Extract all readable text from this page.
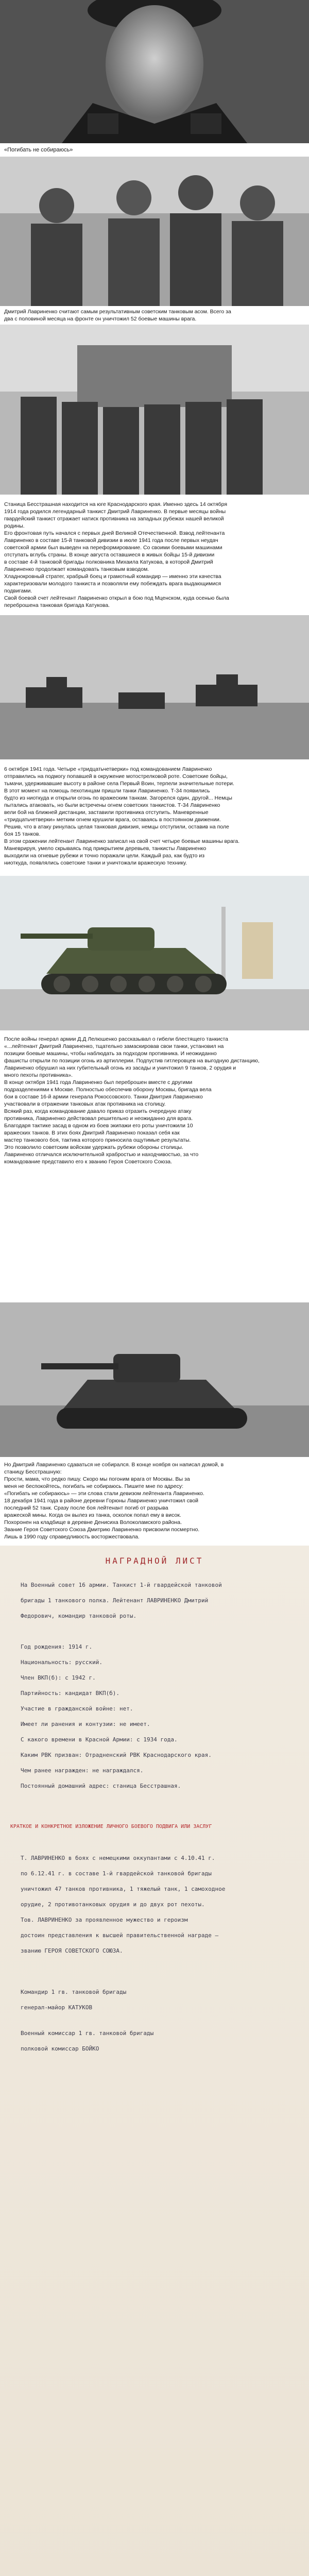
«Погибать не собираюсь»

Дмитрий Лавриненко считают самым результативным советским танковым асом. Всего за

два с половиной месяца на фронте он уничтожил 52 боевые машины врага.

Станица Бесстрашная находится на юге Краснодарского края. Именно здесь 14 октября

1914 года родился легендарный танкист Дмитрий Лавриненко. В первые месяцы войны

гвардейский танкист отражает натиск противника на западных рубежах нашей великой

родины.

Его фронтовая путь начался с первых дней Великой Отечественной. Взвод лейтенанта

Лавриненко в составе 15-й танковой дивизии в июле 1941 года после первых неудач

советской армии был выведен на переформирование. Со своими боевыми машинами

отступать вглубь страны. В конце августа оставшиеся в живых бойцы 15-й дивизии

в составе 4-й танковой бригады полковника Михаила Катукова, в которой Дмитрий

Лавриненко продолжает командовать танковым взводом.

Хладнокровный стратег, храбрый боец и грамотный командир — именно эти качества

характеризовали молодого танкиста и позволяли ему побеждать врага выдающимися

подвигами.

Свой боевой счет лейтенант Лавриненко открыл в бою под Мценском, куда осенью была

переброшена танковая бригада Катукова.

6 октября 1941 года. Четыре «тридцатьчетверки» под командованием Лавриненко

отправились на подмогу попавшей в окружение мотострелковой роте. Советские бойцы,

тьмачи, удерживавшие высоту в районе села Первый Воин, терпели значительные потери.

В этот момент на помощь пехотинцам пришли танки Лавриненко. Т-34 появились

будто из ниоткуда и открыли огонь по вражеским танкам. Загорелся один, другой... Немцы

пытались атаковать, но были встречены огнем советских танкистов. Т-34 Лавриненко

вели бой на ближней дистанции, заставили противника отступить. Маневренные

«тридцатьчетверки» метким огнем крушили врага, оставаясь в постоянном движении.

Решив, что в атаку ринулась целая танковая дивизия, немцы отступили, оставив на поле

боя 15 танков.

В этом сражении лейтенант Лавриненко записал на свой счет четыре боевые машины врага.

Маневрируя, умело скрываясь под прикрытием деревьев, танкисты Лавриненко

выходили на огневые рубежи и точно поражали цели. Каждый раз, как будто из

ниоткуда, появлялись советские танки и уничтожали вражескую технику.

После войны генерал армии Д.Д Лелюшенко рассказывал о гибели блестящего танкиста

«...лейтенант Дмитрий Лавриненко, тщательно замаскировав свои танки, установил на

позиции боевые машины, чтобы наблюдать за подходом противника. И неожиданно

фашисты открыли по позиции огонь из артиллерии. Подпустив гитлеровцев на выгодную дистанцию,

Лавриненко обрушил на них губительный огонь из засады и уничтожил 9 танков, 2 орудия и

много пехоты противника».

В конце октября 1941 года Лавриненко был переброшен вместе с другими

подразделениями к Москве. Полностью обеспечив оборону Москвы, бригада вела

бои в составе 16-й армии генерала Рокоссовского. Танки Дмитрия Лавриненко

участвовали в отражении танковых атак противника на столицу.

Всякий раз, когда командование давало приказ отразить очередную атаку

противника, Лавриненко действовал решительно и неожиданно для врага.

Благодаря тактике засад в одном из боев экипажи его роты уничтожили 10

вражеских танков. В этих боях Дмитрий Лавриненко показал себя как

мастер танкового боя, тактика которого приносила ощутимые результаты.

Это позволило советским войскам удержать рубежи обороны столицы.

Лавриненко отличался исключительной храбростью и находчивостью, за что

командование представило его к званию Героя Советского Союза.

Но Дмитрий Лавриненко сдаваться не собирался. В конце ноября он написал домой, в

станицу Бесстрашную:

Прости, мама, что редко пишу. Скоро мы погоним врага от Москвы. Вы за

меня не беспокойтесь, погибать не собираюсь. Пишите мне по адресу:

«Погибать не собираюсь» — эти слова стали девизом лейтенанта Лавриненко.

18 декабря 1941 года в районе деревни Горюны Лавриненко уничтожил свой

последний 52 танк. Сразу после боя лейтенант погиб от разрыва

вражеской мины. Когда он вылез из танка, осколок попал ему в висок.

Похоронен на кладбище в деревне Денисиха Волоколамского района.

Звание Героя Советского Союза Дмитрию Лавриненко присвоили посмертно.

Лишь в 1990 году справедливость восторжествовала.

НАГРАДНОЙ ЛИСТ
На Военный совет 16 армии. Танкист 1-й гвардейской танковой
бригады 1 танкового полка. Лейтенант ЛАВРИНЕНКО Дмитрий
Федорович, командир танковой роты.
Год рождения: 1914 г.
Национальность: русский.
Член ВКП(б): с 1942 г.
Партийность: кандидат ВКП(б).
Участие в гражданской войне: нет.
Имеет ли ранения и контузии: не имеет.
С какого времени в Красной Армии: с 1934 года.
Каким РВК призван: Отрадненский РВК Краснодарского края.
Чем ранее награжден: не награждался.
Постоянный домашний адрес: станица Бесстрашная.
КРАТКОЕ И КОНКРЕТНОЕ ИЗЛОЖЕНИЕ ЛИЧНОГО БОЕВОГО ПОДВИГА ИЛИ ЗАСЛУГ
Т. ЛАВРИНЕНКО в боях с немецкими оккупантами с 4.10.41 г.
по 6.12.41 г. в составе 1-й гвардейской танковой бригады
уничтожил 47 танков противника, 1 тяжелый танк, 1 самоходное
орудие, 2 противотанковых орудия и до двух рот пехоты.
Тов. ЛАВРИНЕНКО за проявленное мужество и героизм
достоин представления к высшей правительственной награде —
званию ГЕРОЯ СОВЕТСКОГО СОЮЗА.
Командир 1 гв. танковой бригады
генерал-майор КАТУКОВ
Военный комиссар 1 гв. танковой бригады
полковой комиссар БОЙКО
